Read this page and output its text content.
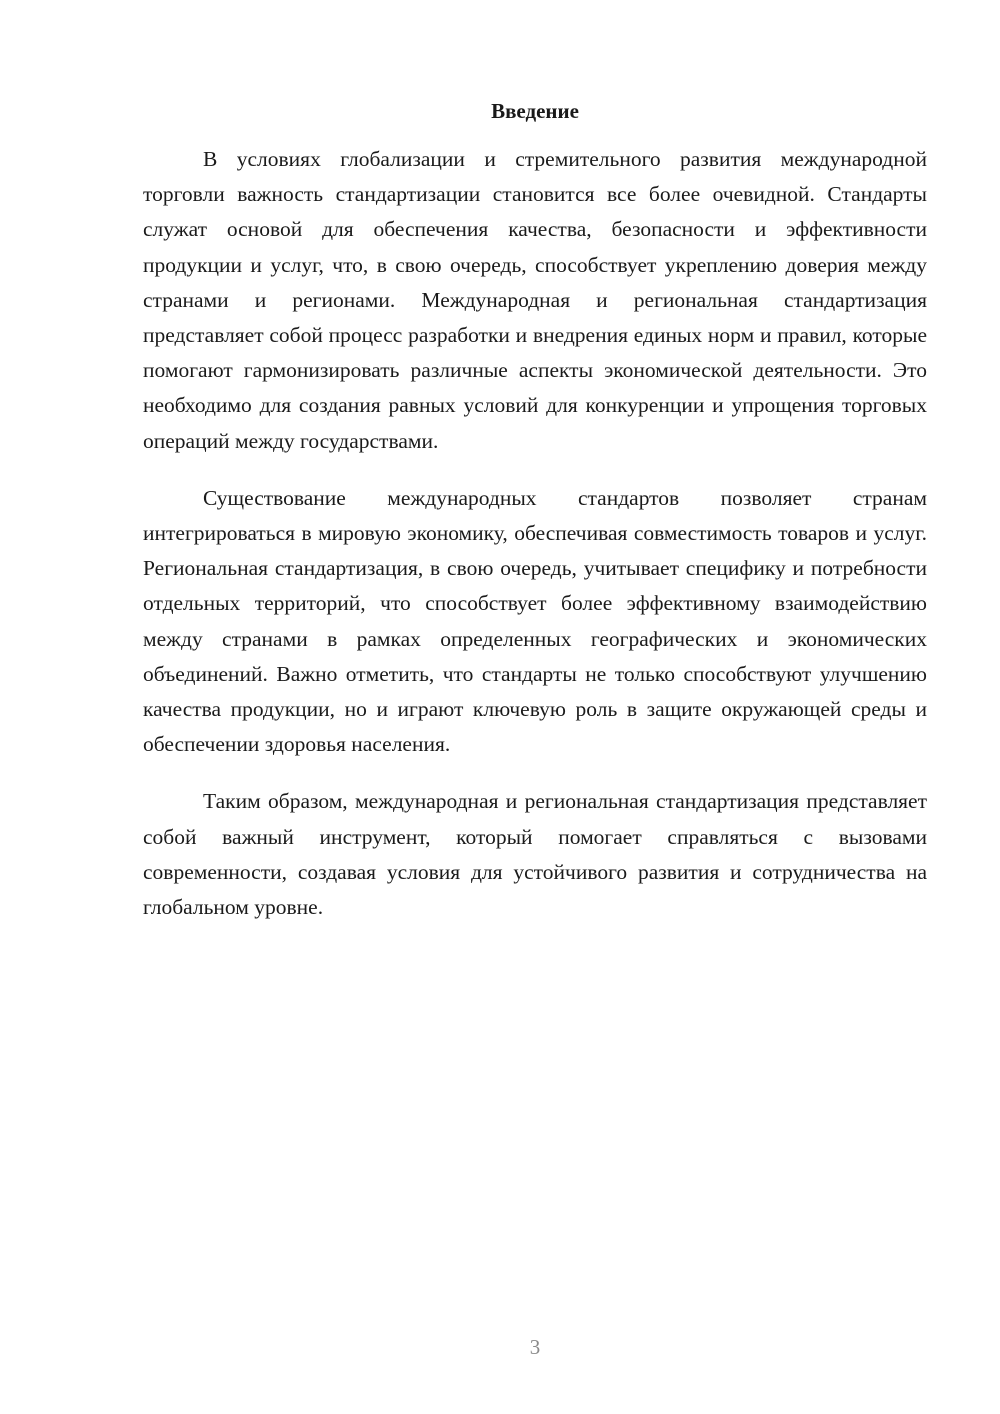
Введение

В условиях глобализации и стремительного развития международной торговли важность стандартизации становится все более очевидной. Стандарты служат основой для обеспечения качества, безопасности и эффективности продукции и услуг, что, в свою очередь, способствует укреплению доверия между странами и регионами. Международная и региональная стандартизация представляет собой процесс разработки и внедрения единых норм и правил, которые помогают гармонизировать различные аспекты экономической деятельности. Это необходимо для создания равных условий для конкуренции и упрощения торговых операций между государствами.

Существование международных стандартов позволяет странам интегрироваться в мировую экономику, обеспечивая совместимость товаров и услуг. Региональная стандартизация, в свою очередь, учитывает специфику и потребности отдельных территорий, что способствует более эффективному взаимодействию между странами в рамках определенных географических и экономических объединений. Важно отметить, что стандарты не только способствуют улучшению качества продукции, но и играют ключевую роль в защите окружающей среды и обеспечении здоровья населения.

Таким образом, международная и региональная стандартизация представляет собой важный инструмент, который помогает справляться с вызовами современности, создавая условия для устойчивого развития и сотрудничества на глобальном уровне.

3
